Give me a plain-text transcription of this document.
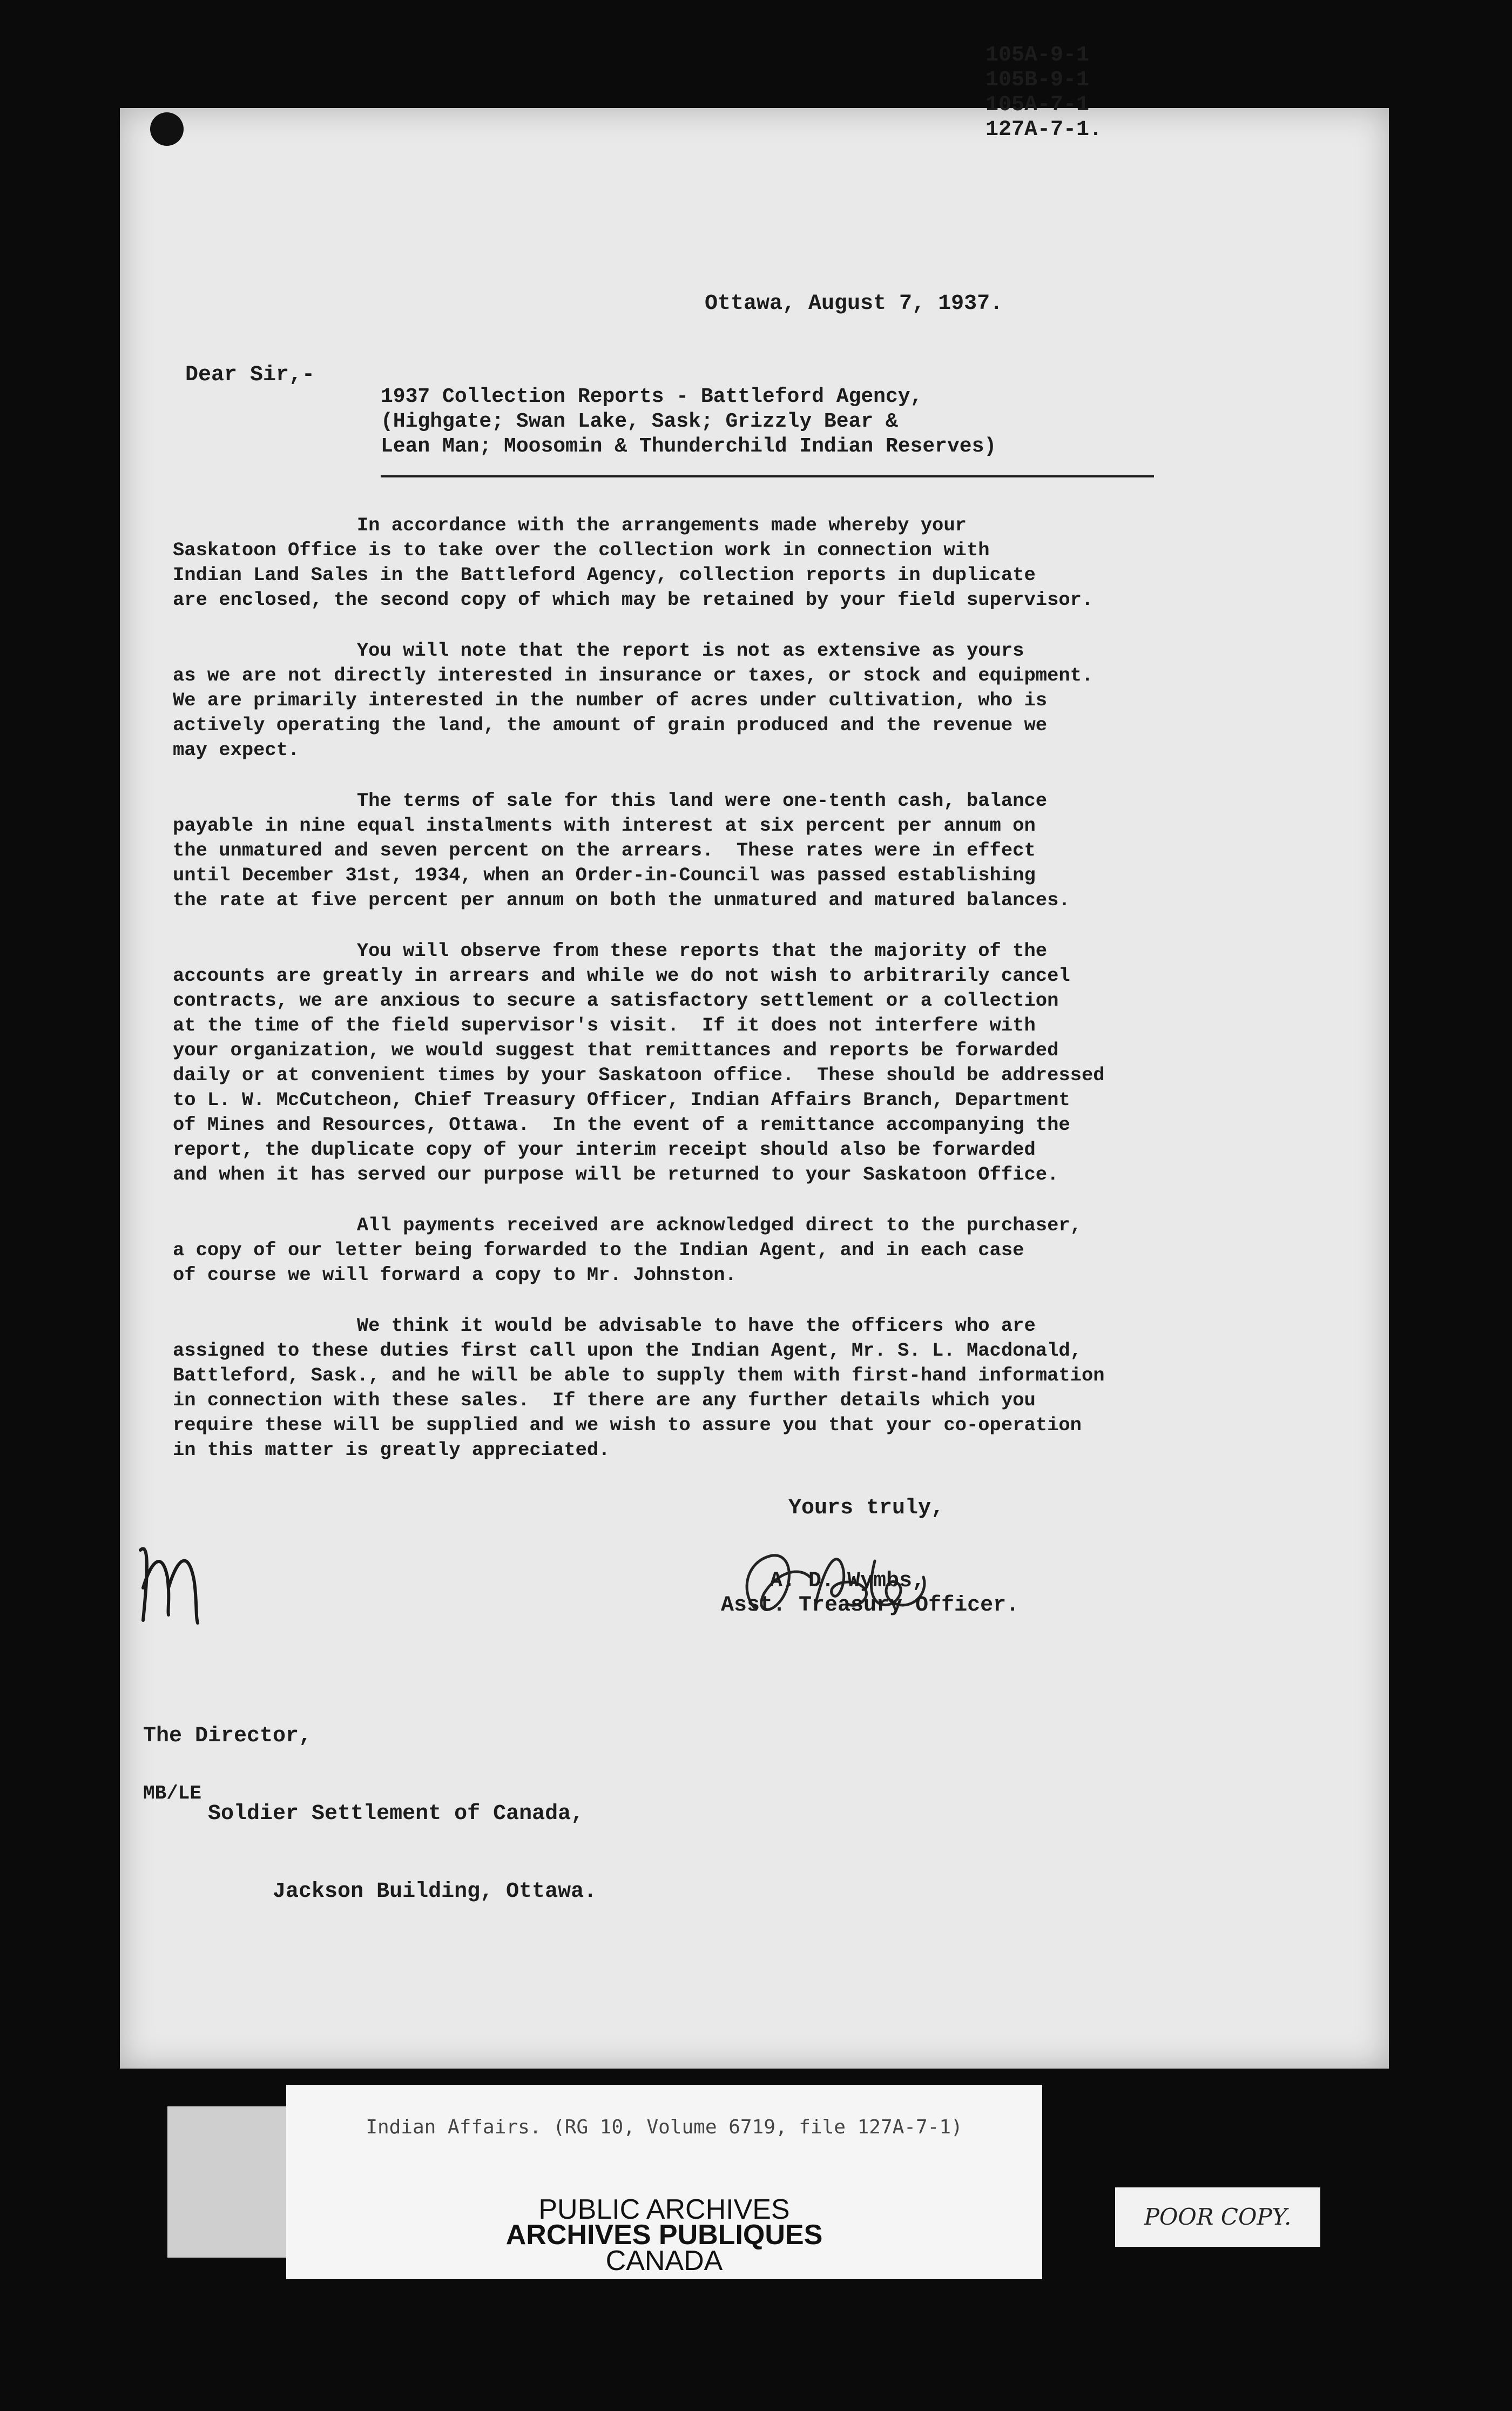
105A-9-1
105B-9-1
105A-7-1
127A-7-1.
Ottawa, August 7, 1937.
Dear Sir,-
1937 Collection Reports - Battleford Agency,
(Highgate; Swan Lake, Sask; Grizzly Bear &
Lean Man; Moosomin & Thunderchild Indian Reserves)
In accordance with the arrangements made whereby your
Saskatoon Office is to take over the collection work in connection with
Indian Land Sales in the Battleford Agency, collection reports in duplicate
are enclosed, the second copy of which may be retained by your field supervisor.
You will note that the report is not as extensive as yours
as we are not directly interested in insurance or taxes, or stock and equipment.
We are primarily interested in the number of acres under cultivation, who is
actively operating the land, the amount of grain produced and the revenue we
may expect.
The terms of sale for this land were one-tenth cash, balance
payable in nine equal instalments with interest at six percent per annum on
the unmatured and seven percent on the arrears.  These rates were in effect
until December 31st, 1934, when an Order-in-Council was passed establishing
the rate at five percent per annum on both the unmatured and matured balances.
You will observe from these reports that the majority of the
accounts are greatly in arrears and while we do not wish to arbitrarily cancel
contracts, we are anxious to secure a satisfactory settlement or a collection
at the time of the field supervisor's visit.  If it does not interfere with
your organization, we would suggest that remittances and reports be forwarded
daily or at convenient times by your Saskatoon office.  These should be addressed
to L. W. McCutcheon, Chief Treasury Officer, Indian Affairs Branch, Department
of Mines and Resources, Ottawa.  In the event of a remittance accompanying the
report, the duplicate copy of your interim receipt should also be forwarded
and when it has served our purpose will be returned to your Saskatoon Office.
All payments received are acknowledged direct to the purchaser,
a copy of our letter being forwarded to the Indian Agent, and in each case
of course we will forward a copy to Mr. Johnston.
We think it would be advisable to have the officers who are
assigned to these duties first call upon the Indian Agent, Mr. S. L. Macdonald,
Battleford, Sask., and he will be able to supply them with first-hand information
in connection with these sales.  If there are any further details which you
require these will be supplied and we wish to assure you that your co-operation
in this matter is greatly appreciated.
Yours truly,
A. D. Wymbs,
Asst. Treasury Officer.

The Director,

Soldier Settlement of Canada,

Jackson Building, Ottawa.

MB/LE
Indian Affairs. (RG 10, Volume 6719, file 127A-7-1)
PUBLIC ARCHIVES
ARCHIVES PUBLIQUES
CANADA
POOR COPY.
